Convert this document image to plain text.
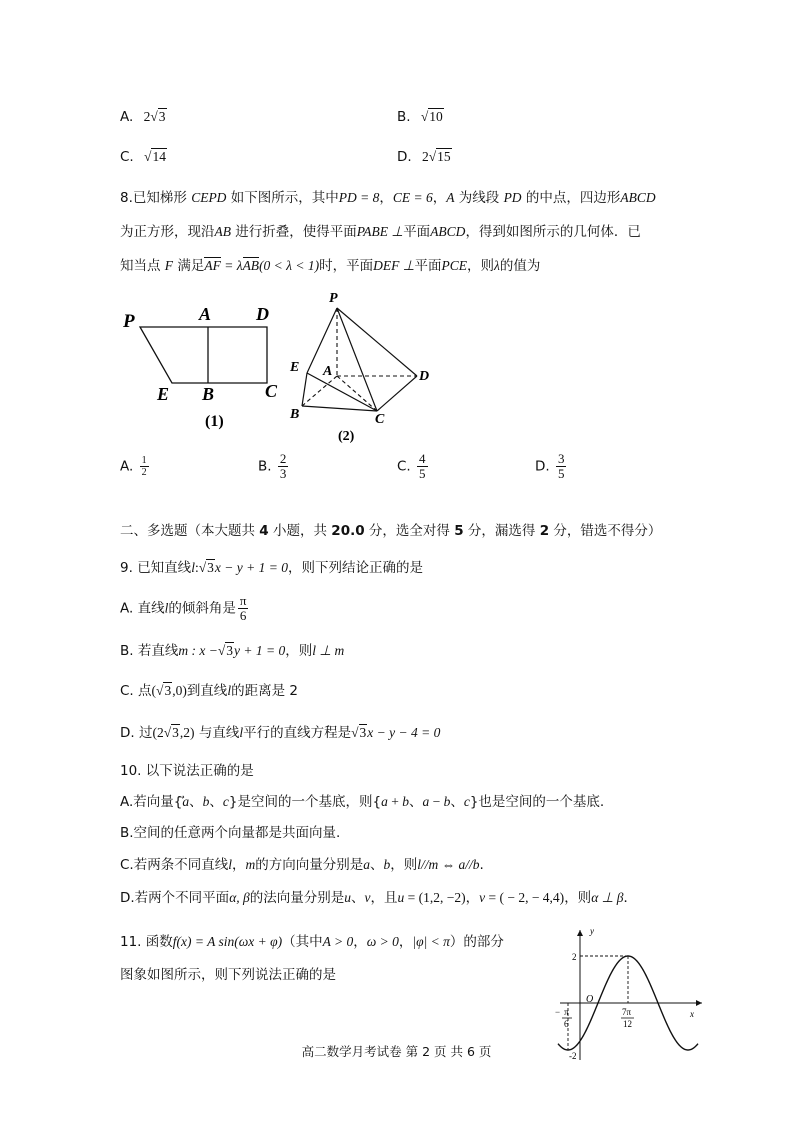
A. 2√3	B. √10
C. √14	D. 2√15
8.已知梯形 CEPD 如下图所示，其中PD = 8，CE = 6，A 为线段 PD 的中点，四边形ABCD
为正方形，现沿AB 进行折叠，使得平面PABE ⊥平面ABCD，得到如图所示的几何体．已
知当点 F 满足AF = λAB(0 < λ < 1)时，平面DEF ⊥平面PCE，则λ的值为
P	A D
E B	C
(1)
P
E A	D
B	C
(2)
A. $\frac{1}{2}$	B. $\frac{2}{3}$	C. $\frac{4}{5}$	D. $\frac{3}{5}$
二、多选题（本大题共 4 小题，共 20.0 分，选全对得 5 分，漏选得 2 分，错选不得分）
9. 已知直线l:√3x − y + 1 = 0，则下列结论正确的是
A. 直线l的倾斜角是 $\frac{\pi}{6}$
B. 若直线m : x −√3y + 1 = 0，则l ⊥ m
C. 点(√3,0)到直线l的距离是 2
D. 过(2√3,2) 与直线l平行的直线方程是√3x − y − 4 = 0
10. 以下说法正确的是
A.若向量{a、b、c}是空间的一个基底，则{a + b、a − b、c}也是空间的一个基底.
B.空间的任意两个向量都是共面向量.
C.若两条不同直线l，m的方向向量分别是a、b，则l//m ⇔ a//b.
D.若两个不同平面α, β的法向量分别是u、v，且u = (1,2, −2)，v = ( − 2, − 4,4)，则α ⊥ β．
11. 函数f(x) = A sin(ωx + φ)（其中A > 0，ω > 0，|φ| < π）的部分
图象如图所示，则下列说法正确的是
y
x
O
2
-2
− π
6
7π
12
高二数学月考试卷 第 2 页 共 6 页
